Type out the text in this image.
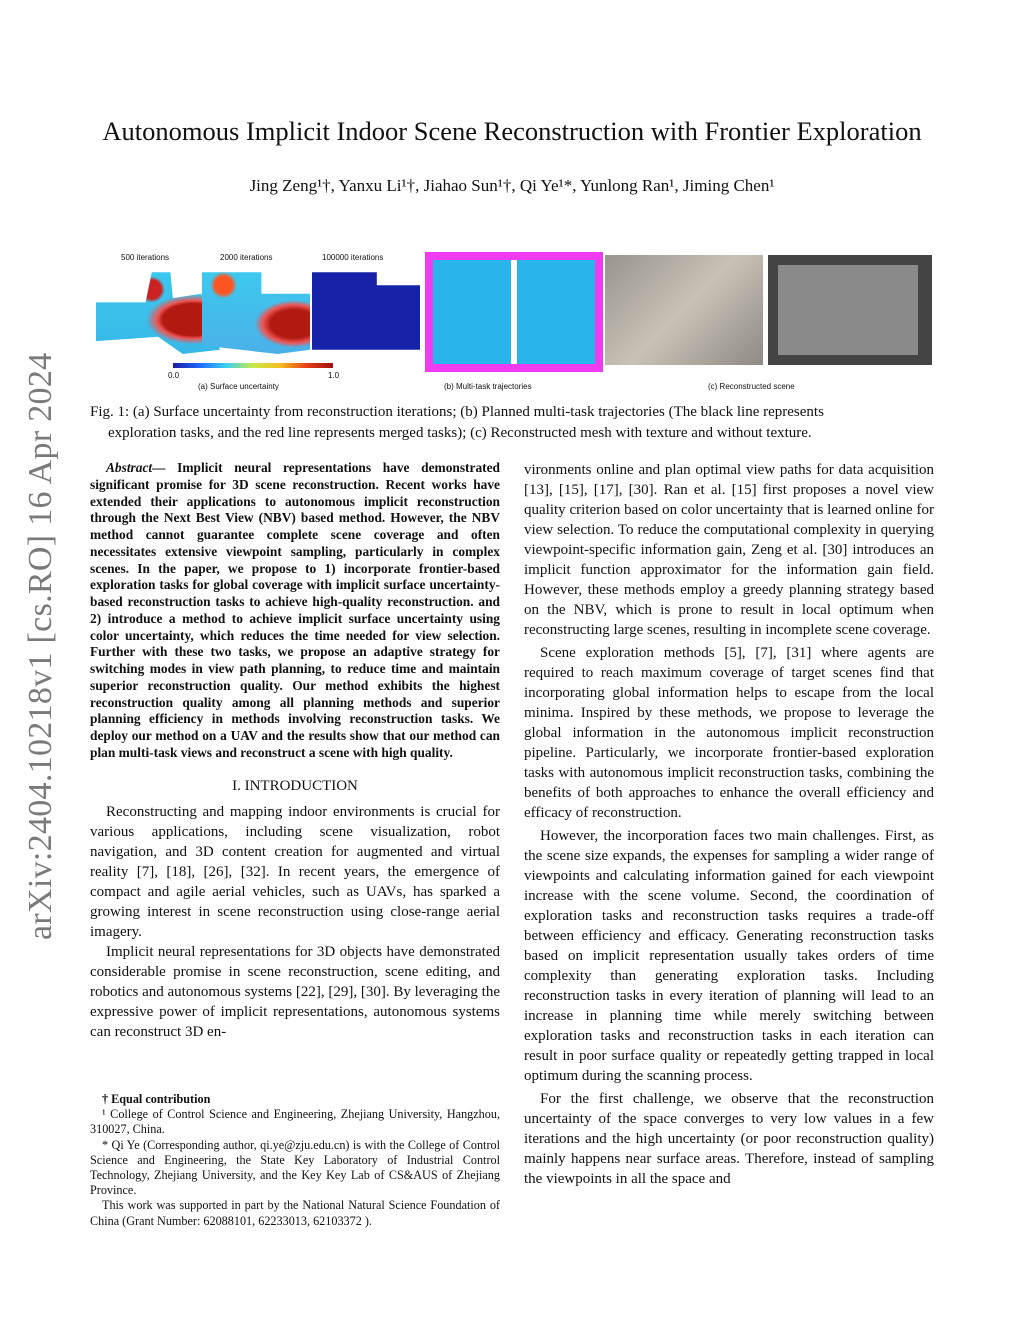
arXiv:2404.10218v1 [cs.RO] 16 Apr 2024
Autonomous Implicit Indoor Scene Reconstruction with Frontier Exploration
Jing Zeng¹†, Yanxu Li¹†, Jiahao Sun¹†, Qi Ye¹*, Yunlong Ran¹, Jiming Chen¹
500 iterations	2000 iterations	100000 iterations
0.0	1.0
(a) Surface uncertainty	(b) Multi-task trajectories	(c) Reconstructed scene
Fig. 1: (a) Surface uncertainty from reconstruction iterations; (b) Planned multi-task trajectories (The black line represents
exploration tasks, and the red line represents merged tasks); (c) Reconstructed mesh with texture and without texture.

Abstract— Implicit neural representations have demonstrated significant promise for 3D scene reconstruction. Recent works have extended their applications to autonomous implicit reconstruction through the Next Best View (NBV) based method. However, the NBV method cannot guarantee complete scene coverage and often necessitates extensive viewpoint sampling, particularly in complex scenes. In the paper, we propose to 1) incorporate frontier-based exploration tasks for global coverage with implicit surface uncertainty-based reconstruction tasks to achieve high-quality reconstruction. and 2) introduce a method to achieve implicit surface uncertainty using color uncertainty, which reduces the time needed for view selection. Further with these two tasks, we propose an adaptive strategy for switching modes in view path planning, to reduce time and maintain superior reconstruction quality. Our method exhibits the highest reconstruction quality among all planning methods and superior planning efficiency in methods involving reconstruction tasks. We deploy our method on a UAV and the results show that our method can plan multi-task views and reconstruct a scene with high quality.

I. INTRODUCTION

Reconstructing and mapping indoor environments is crucial for various applications, including scene visualization, robot navigation, and 3D content creation for augmented and virtual reality [7], [18], [26], [32]. In recent years, the emergence of compact and agile aerial vehicles, such as UAVs, has sparked a growing interest in scene reconstruction using close-range aerial imagery.

Implicit neural representations for 3D objects have demonstrated considerable promise in scene reconstruction, scene editing, and robotics and autonomous systems [22], [29], [30]. By leveraging the expressive power of implicit representations, autonomous systems can reconstruct 3D en-

† Equal contribution
¹ College of Control Science and Engineering, Zhejiang University, Hangzhou, 310027, China.
* Qi Ye (Corresponding author, qi.ye@zju.edu.cn) is with the College of Control Science and Engineering, the State Key Laboratory of Industrial Control Technology, Zhejiang University, and the Key Key Lab of CS&AUS of Zhejiang Province.
This work was supported in part by the National Natural Science Foundation of China (Grant Number: 62088101, 62233013, 62103372 ).

vironments online and plan optimal view paths for data acquisition [13], [15], [17], [30]. Ran et al. [15] first proposes a novel view quality criterion based on color uncertainty that is learned online for view selection. To reduce the computational complexity in querying viewpoint-specific information gain, Zeng et al. [30] introduces an implicit function approximator for the information gain field. However, these methods employ a greedy planning strategy based on the NBV, which is prone to result in local optimum when reconstructing large scenes, resulting in incomplete scene coverage.

Scene exploration methods [5], [7], [31] where agents are required to reach maximum coverage of target scenes find that incorporating global information helps to escape from the local minima. Inspired by these methods, we propose to leverage the global information in the autonomous implicit reconstruction pipeline. Particularly, we incorporate frontier-based exploration tasks with autonomous implicit reconstruction tasks, combining the benefits of both approaches to enhance the overall efficiency and efficacy of reconstruction.

However, the incorporation faces two main challenges. First, as the scene size expands, the expenses for sampling a wider range of viewpoints and calculating information gained for each viewpoint increase with the scene volume. Second, the coordination of exploration tasks and reconstruction tasks requires a trade-off between efficiency and efficacy. Generating reconstruction tasks based on implicit representation usually takes orders of time complexity than generating exploration tasks. Including reconstruction tasks in every iteration of planning will lead to an increase in planning time while merely switching between exploration tasks and reconstruction tasks in each iteration can result in poor surface quality or repeatedly getting trapped in local optimum during the scanning process.

For the first challenge, we observe that the reconstruction uncertainty of the space converges to very low values in a few iterations and the high uncertainty (or poor reconstruction quality) mainly happens near surface areas. Therefore, instead of sampling the viewpoints in all the space and
